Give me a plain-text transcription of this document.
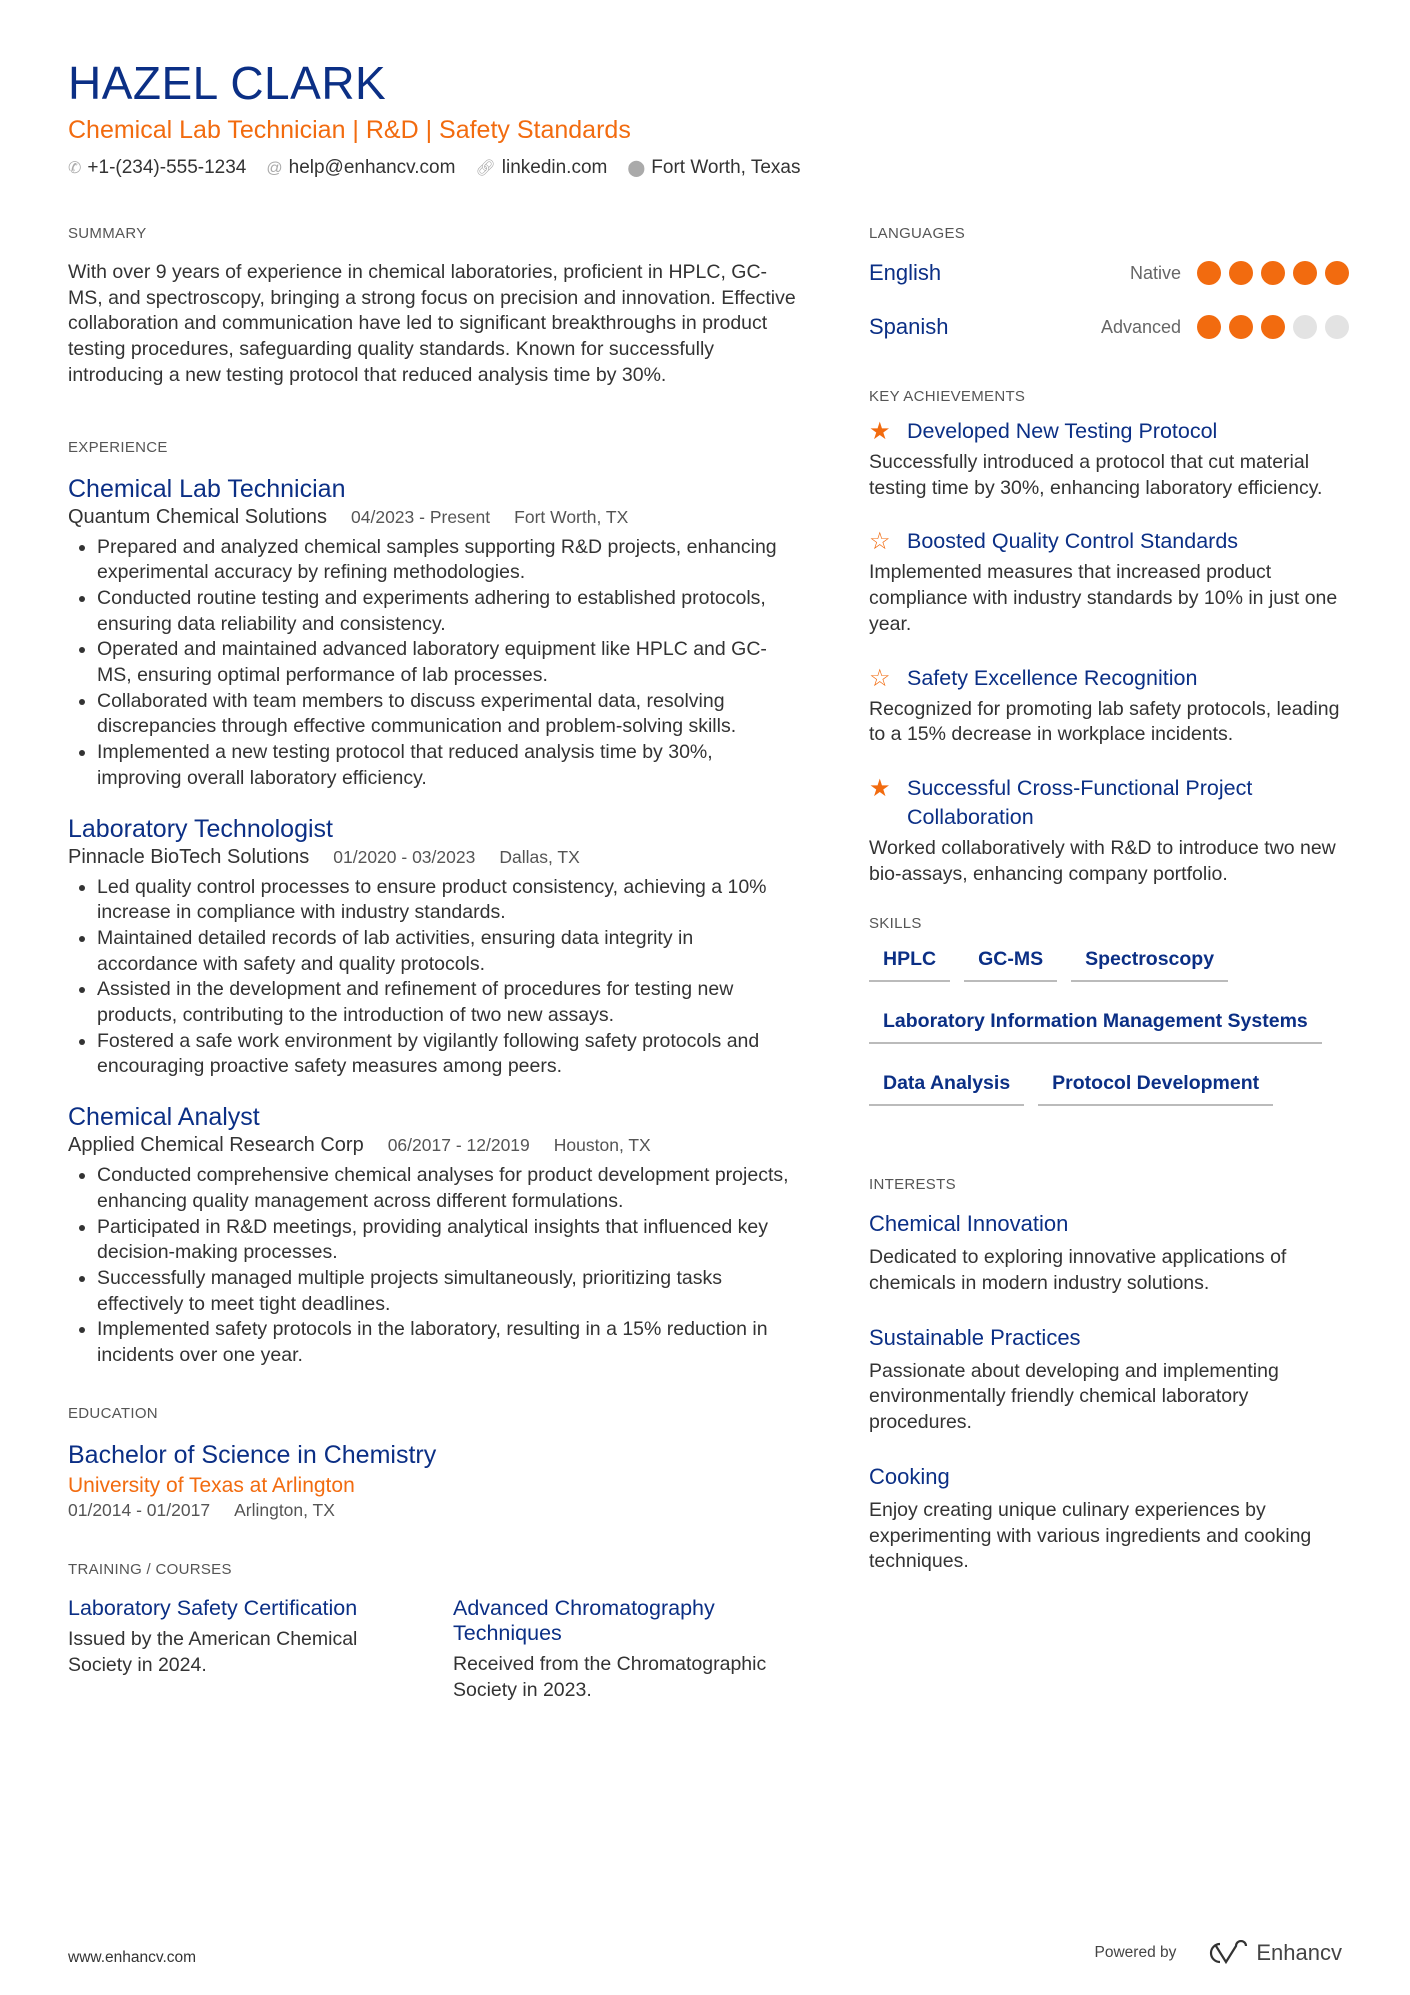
HAZEL CLARK
Chemical Lab Technician | R&D | Safety Standards
✆ +1-(234)-555-1234 @ help@enhancv.com 🔗︎ linkedin.com ⬤ Fort Worth, Texas
SUMMARY
With over 9 years of experience in chemical laboratories, proficient in HPLC, GC-MS, and spectroscopy, bringing a strong focus on precision and innovation. Effective collaboration and communication have led to significant breakthroughs in product testing procedures, safeguarding quality standards. Known for successfully introducing a new testing protocol that reduced analysis time by 30%.
EXPERIENCE
Chemical Lab Technician
Quantum Chemical Solutions 04/2023 - Present Fort Worth, TX
• Prepared and analyzed chemical samples supporting R&D projects, enhancing experimental accuracy by refining methodologies.
• Conducted routine testing and experiments adhering to established protocols, ensuring data reliability and consistency.
• Operated and maintained advanced laboratory equipment like HPLC and GC-MS, ensuring optimal performance of lab processes.
• Collaborated with team members to discuss experimental data, resolving discrepancies through effective communication and problem-solving skills.
• Implemented a new testing protocol that reduced analysis time by 30%, improving overall laboratory efficiency.
Laboratory Technologist
Pinnacle BioTech Solutions 01/2020 - 03/2023 Dallas, TX
• Led quality control processes to ensure product consistency, achieving a 10% increase in compliance with industry standards.
• Maintained detailed records of lab activities, ensuring data integrity in accordance with safety and quality protocols.
• Assisted in the development and refinement of procedures for testing new products, contributing to the introduction of two new assays.
• Fostered a safe work environment by vigilantly following safety protocols and encouraging proactive safety measures among peers.
Chemical Analyst
Applied Chemical Research Corp 06/2017 - 12/2019 Houston, TX
• Conducted comprehensive chemical analyses for product development projects, enhancing quality management across different formulations.
• Participated in R&D meetings, providing analytical insights that influenced key decision-making processes.
• Successfully managed multiple projects simultaneously, prioritizing tasks effectively to meet tight deadlines.
• Implemented safety protocols in the laboratory, resulting in a 15% reduction in incidents over one year.
EDUCATION
Bachelor of Science in Chemistry
University of Texas at Arlington
01/2014 - 01/2017 Arlington, TX
TRAINING / COURSES
Laboratory Safety Certification
Issued by the American Chemical Society in 2024.
Advanced Chromatography Techniques
Received from the Chromatographic Society in 2023.
LANGUAGES
English	Native
Spanish	Advanced
KEY ACHIEVEMENTS
★ Developed New Testing Protocol
Successfully introduced a protocol that cut material testing time by 30%, enhancing laboratory efficiency.
☆ Boosted Quality Control Standards
Implemented measures that increased product compliance with industry standards by 10% in just one year.
☆ Safety Excellence Recognition
Recognized for promoting lab safety protocols, leading to a 15% decrease in workplace incidents.
★ Successful Cross-Functional Project Collaboration
Worked collaboratively with R&D to introduce two new bio-assays, enhancing company portfolio.
SKILLS
HPLC	GC-MS	Spectroscopy
Laboratory Information Management Systems
Data Analysis	Protocol Development
INTERESTS
Chemical Innovation
Dedicated to exploring innovative applications of chemicals in modern industry solutions.
Sustainable Practices
Passionate about developing and implementing environmentally friendly chemical laboratory procedures.
Cooking
Enjoy creating unique culinary experiences by experimenting with various ingredients and cooking techniques.
www.enhancv.com	Powered by	Enhancv
